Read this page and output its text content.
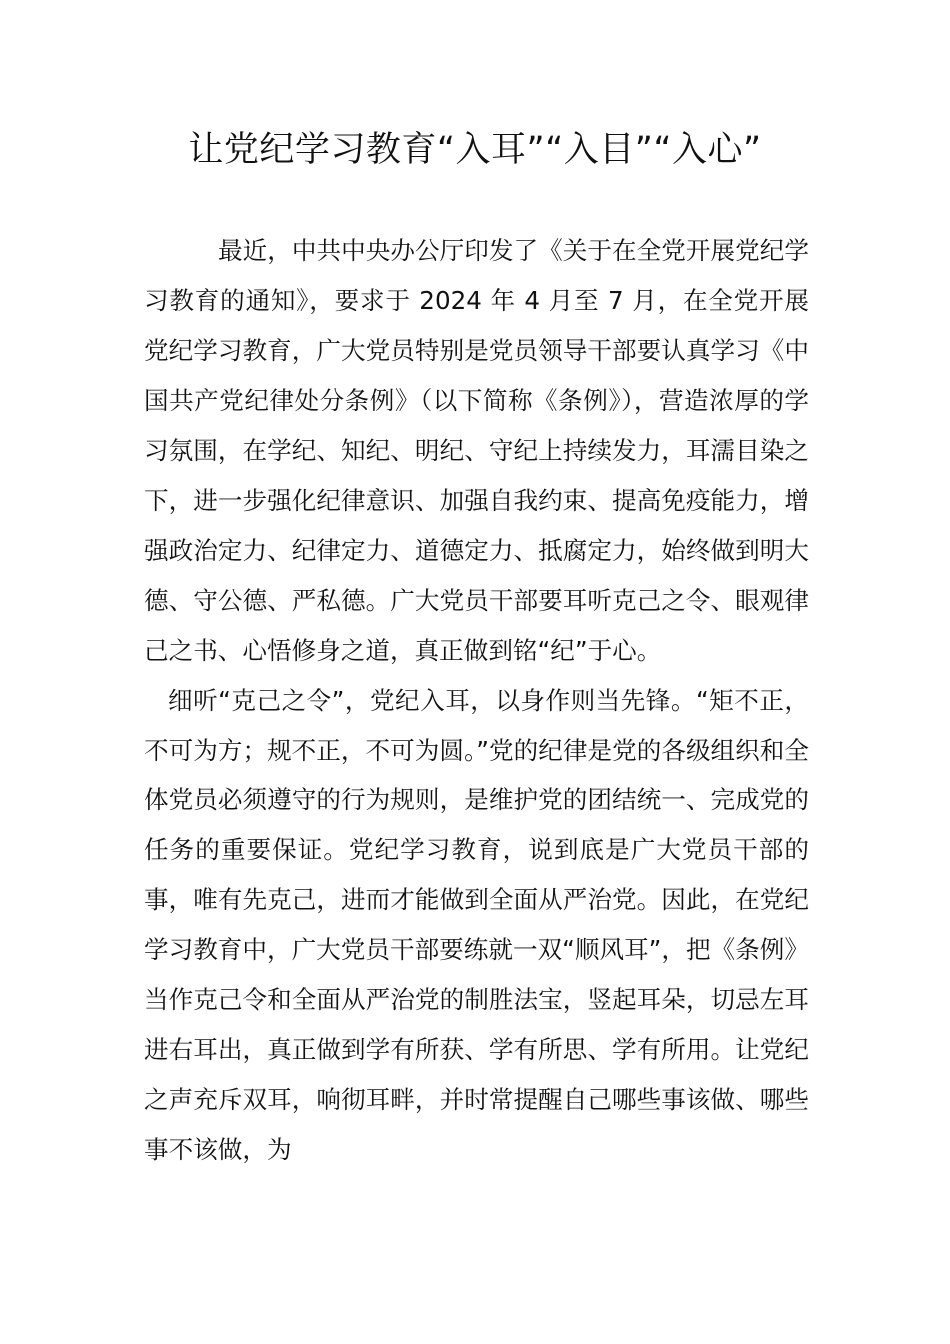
让党纪学习教育“入耳”“入目”“入心”

最近，中共中央办公厅印发了《关于在全党开展党纪学习教育的通知》，要求于 2024 年 4 月至 7 月，在全党开展党纪学习教育，广大党员特别是党员领导干部要认真学习《中国共产党纪律处分条例》（以下简称《条例》），营造浓厚的学习氛围，在学纪、知纪、明纪、守纪上持续发力，耳濡目染之下，进一步强化纪律意识、加强自我约束、提高免疫能力，增强政治定力、纪律定力、道德定力、抵腐定力，始终做到明大德、守公德、严私德。广大党员干部要耳听克己之令、眼观律己之书、心悟修身之道，真正做到铭“纪”于心。

细听“克己之令”，党纪入耳，以身作则当先锋。“矩不正，不可为方；规不正，不可为圆。”党的纪律是党的各级组织和全体党员必须遵守的行为规则，是维护党的团结统一、完成党的任务的重要保证。党纪学习教育，说到底是广大党员干部的事，唯有先克己，进而才能做到全面从严治党。因此，在党纪学习教育中，广大党员干部要练就一双“顺风耳”，把《条例》当作克己令和全面从严治党的制胜法宝，竖起耳朵，切忌左耳进右耳出，真正做到学有所获、学有所思、学有所用。让党纪之声充斥双耳，响彻耳畔，并时常提醒自己哪些事该做、哪些事不该做，为
